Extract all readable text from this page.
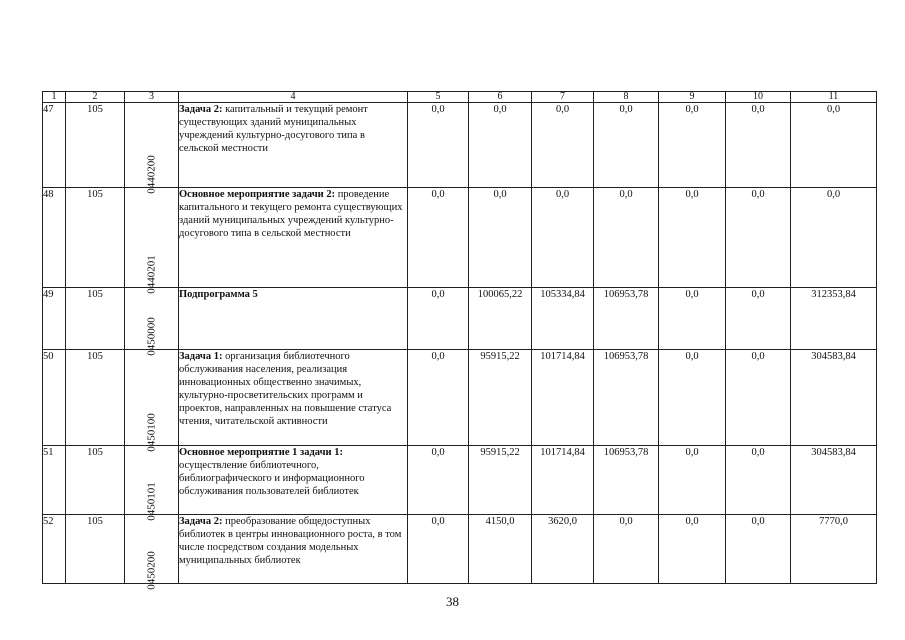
1	2	3	4	5	6	7	8	9	10	11
47	105	0440200	Задача 2: капитальный и текущий ремонт существующих зданий муниципальных учреждений культурно-досугового типа в сельской местности	0,0	0,0	0,0	0,0	0,0	0,0	0,0
48	105	0440201	Основное мероприятие задачи 2: проведение капитального и текущего ремонта существующих зданий муниципальных учреждений культурно-досугового типа в сельской местности	0,0	0,0	0,0	0,0	0,0	0,0	0,0
49	105	0450000	Подпрограмма 5	0,0	100065,22	105334,84	106953,78	0,0	0,0	312353,84
50	105	0450100	Задача 1: организация библиотечного обслуживания населения, реализация инновационных общественно значимых, культурно-просветительских программ и проектов, направленных на повышение статуса чтения, читательской активности	0,0	95915,22	101714,84	106953,78	0,0	0,0	304583,84
51	105	0450101	Основное мероприятие 1 задачи 1: осуществление библиотечного, библиографического и информационного обслуживания пользователей библиотек	0,0	95915,22	101714,84	106953,78	0,0	0,0	304583,84
52	105	0450200	Задача 2: преобразование общедоступных библиотек в центры инновационного роста, в том числе посредством создания модельных муниципальных библиотек	0,0	4150,0	3620,0	0,0	0,0	0,0	7770,0
38
